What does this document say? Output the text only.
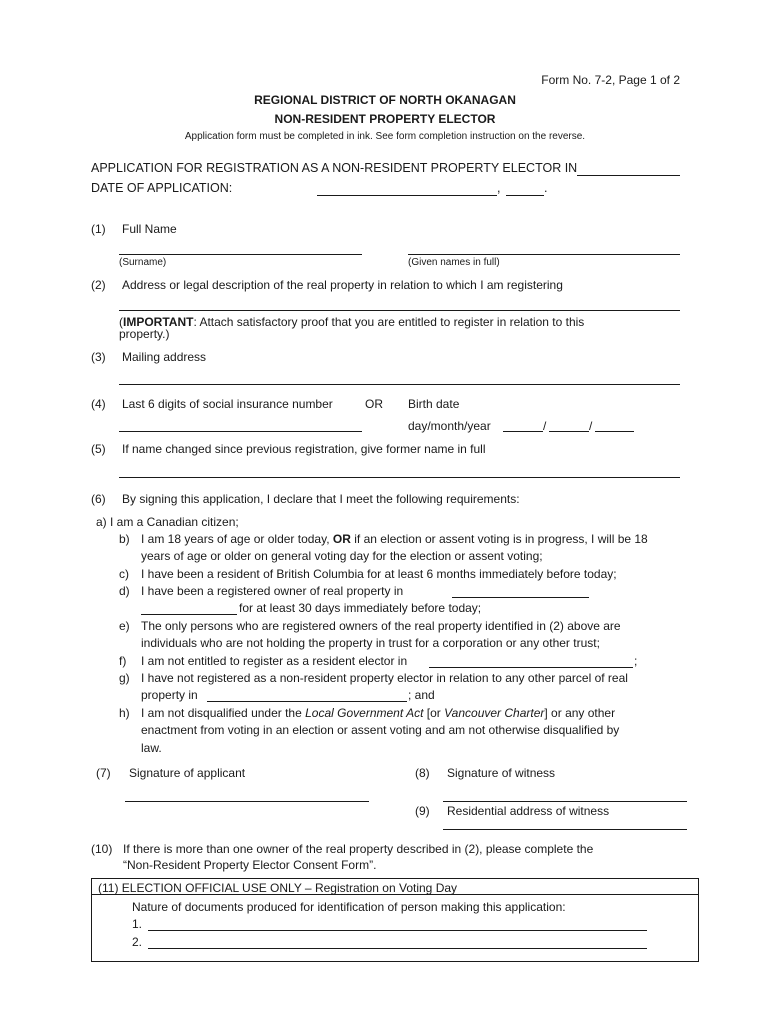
Form No. 7-2, Page 1 of 2
REGIONAL DISTRICT OF NORTH OKANAGAN
NON-RESIDENT PROPERTY ELECTOR
Application form must be completed in ink. See form completion instruction on the reverse.
APPLICATION FOR REGISTRATION AS A NON-RESIDENT PROPERTY ELECTOR IN
DATE OF APPLICATION:	,	.
(1) Full Name
(Surname)	(Given names in full)
(2) Address or legal description of the real property in relation to which I am registering
(IMPORTANT: Attach satisfactory proof that you are entitled to register in relation to this
property.)
(3) Mailing address
(4) Last 6 digits of social insurance number	OR Birth date
day/month/year	/	/
(5) If name changed since previous registration, give former name in full
(6) By signing this application, I declare that I meet the following requirements:
a) I am a Canadian citizen;
b) I am 18 years of age or older today, OR if an election or assent voting is in progress, I will be 18
years of age or older on general voting day for the election or assent voting;
c) I have been a resident of British Columbia for at least 6 months immediately before today;
d) I have been a registered owner of real property in
for at least 30 days immediately before today;
e) The only persons who are registered owners of the real property identified in (2) above are
individuals who are not holding the property in trust for a corporation or any other trust;
f) I am not entitled to register as a resident elector in	;
g) I have not registered as a non-resident property elector in relation to any other parcel of real
property in	; and
h) I am not disqualified under the Local Government Act [or Vancouver Charter] or any other
enactment from voting in an election or assent voting and am not otherwise disqualified by
law.
(7) Signature of applicant	(8) Signature of witness
(9) Residential address of witness
(10) If there is more than one owner of the real property described in (2), please complete the
“Non-Resident Property Elector Consent Form”.
(11) ELECTION OFFICIAL USE ONLY – Registration on Voting Day
Nature of documents produced for identification of person making this application:
1.
2.
